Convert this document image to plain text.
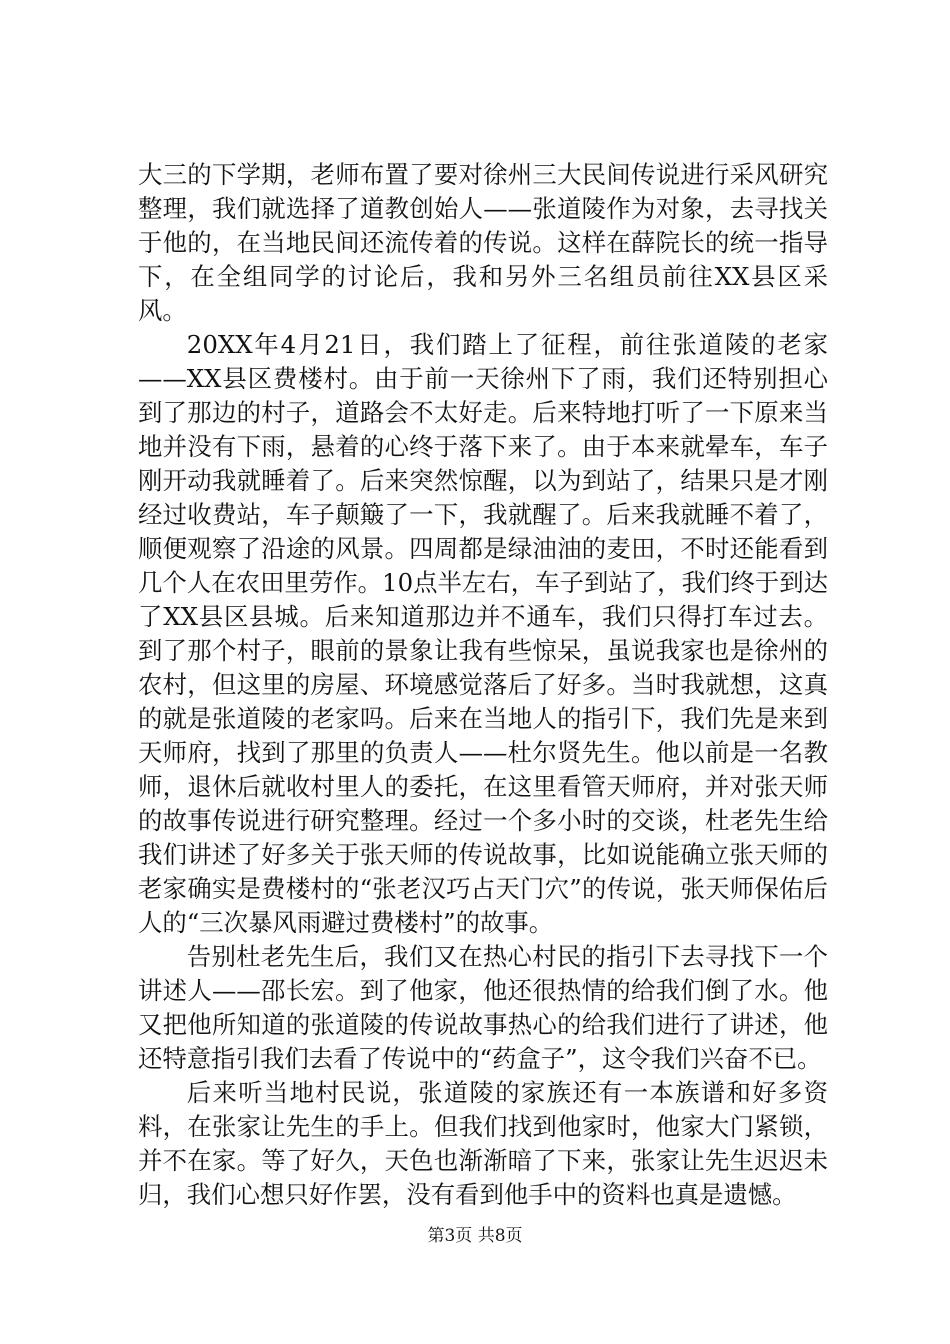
大三的下学期，老师布置了要对徐州三大民间传说进行采风研究整理，我们就选择了道教创始人——张道陵作为对象，去寻找关于他的，在当地民间还流传着的传说。这样在薛院长的统一指导下，在全组同学的讨论后，我和另外三名组员前往XX县区采风。

20XX年4月21日，我们踏上了征程，前往张道陵的老家——XX县区费楼村。由于前一天徐州下了雨，我们还特别担心到了那边的村子，道路会不太好走。后来特地打听了一下原来当地并没有下雨，悬着的心终于落下来了。由于本来就晕车，车子刚开动我就睡着了。后来突然惊醒，以为到站了，结果只是才刚经过收费站，车子颠簸了一下，我就醒了。后来我就睡不着了，顺便观察了沿途的风景。四周都是绿油油的麦田，不时还能看到几个人在农田里劳作。10点半左右，车子到站了，我们终于到达了XX县区县城。后来知道那边并不通车，我们只得打车过去。到了那个村子，眼前的景象让我有些惊呆，虽说我家也是徐州的农村，但这里的房屋、环境感觉落后了好多。当时我就想，这真的就是张道陵的老家吗。后来在当地人的指引下，我们先是来到天师府，找到了那里的负责人——杜尔贤先生。他以前是一名教师，退休后就收村里人的委托，在这里看管天师府，并对张天师的故事传说进行研究整理。经过一个多小时的交谈，杜老先生给我们讲述了好多关于张天师的传说故事，比如说能确立张天师的老家确实是费楼村的“张老汉巧占天门穴”的传说，张天师保佑后人的“三次暴风雨避过费楼村”的故事。

告别杜老先生后，我们又在热心村民的指引下去寻找下一个讲述人——邵长宏。到了他家，他还很热情的给我们倒了水。他又把他所知道的张道陵的传说故事热心的给我们进行了讲述，他还特意指引我们去看了传说中的“药盒子”，这令我们兴奋不已。

后来听当地村民说，张道陵的家族还有一本族谱和好多资料，在张家让先生的手上。但我们找到他家时，他家大门紧锁，并不在家。等了好久，天色也渐渐暗了下来，张家让先生迟迟未归，我们心想只好作罢，没有看到他手中的资料也真是遗憾。

第3页 共8页
